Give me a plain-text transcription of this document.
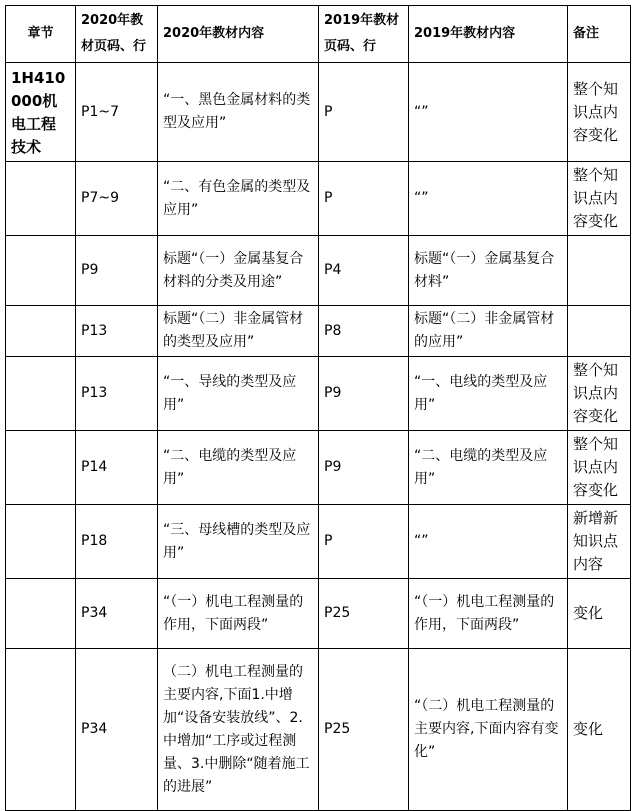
章节	2020年教材页码、行	2020年教材内容	2019年教材页码、行	2019年教材内容	备注
1H410000机电工程技术	P1~7	“一、黑色金属材料的类型及应用”	P	“”	整个知识点内容变化
	P7~9	“二、有色金属的类型及应用”	P	“”	整个知识点内容变化
	P9	标题“（一）金属基复合材料的分类及用途”	P4	标题“（一）金属基复合材料”	
	P13	标题“（二）非金属管材的类型及应用”	P8	标题“（二）非金属管材的应用”	
	P13	“一、导线的类型及应用”	P9	“一、电线的类型及应用”	整个知识点内容变化
	P14	“二、电缆的类型及应用”	P9	“二、电缆的类型及应用”	整个知识点内容变化
	P18	“三、母线槽的类型及应用”	P	“”	新增新知识点内容
	P34	“（一）机电工程测量的作用，下面两段”	P25	“（一）机电工程测量的作用，下面两段”	变化
	P34	（二）机电工程测量的主要内容,下面1.中增加“设备安装放线”、2.中增加“工序或过程测量、3.中删除“随着施工的进展”	P25	“（二）机电工程测量的主要内容,下面内容有变化”	变化
